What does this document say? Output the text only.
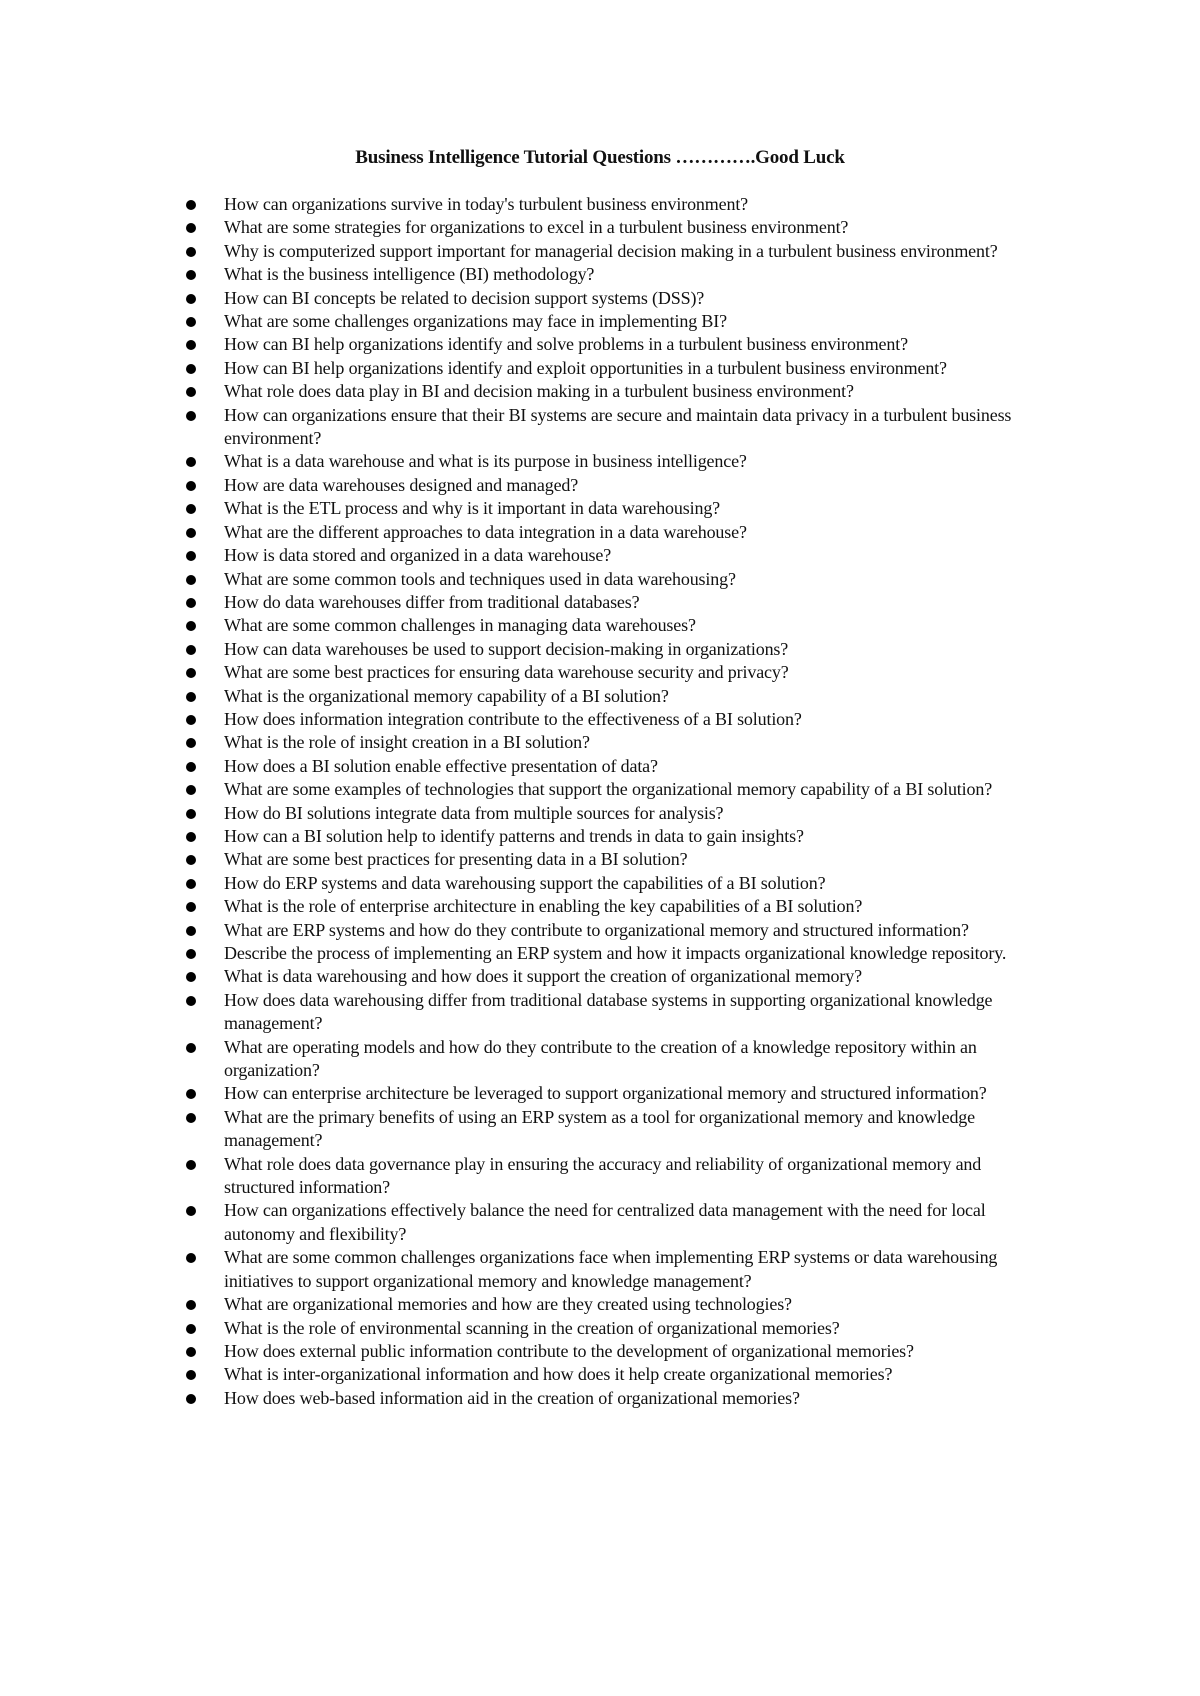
Business Intelligence Tutorial Questions ………….Good Luck
How can organizations survive in today's turbulent business environment?
What are some strategies for organizations to excel in a turbulent business environment?
Why is computerized support important for managerial decision making in a turbulent business environment?
What is the business intelligence (BI) methodology?
How can BI concepts be related to decision support systems (DSS)?
What are some challenges organizations may face in implementing BI?
How can BI help organizations identify and solve problems in a turbulent business environment?
How can BI help organizations identify and exploit opportunities in a turbulent business environment?
What role does data play in BI and decision making in a turbulent business environment?
How can organizations ensure that their BI systems are secure and maintain data privacy in a turbulent business environment?
What is a data warehouse and what is its purpose in business intelligence?
How are data warehouses designed and managed?
What is the ETL process and why is it important in data warehousing?
What are the different approaches to data integration in a data warehouse?
How is data stored and organized in a data warehouse?
What are some common tools and techniques used in data warehousing?
How do data warehouses differ from traditional databases?
What are some common challenges in managing data warehouses?
How can data warehouses be used to support decision-making in organizations?
What are some best practices for ensuring data warehouse security and privacy?
What is the organizational memory capability of a BI solution?
How does information integration contribute to the effectiveness of a BI solution?
What is the role of insight creation in a BI solution?
How does a BI solution enable effective presentation of data?
What are some examples of technologies that support the organizational memory capability of a BI solution?
How do BI solutions integrate data from multiple sources for analysis?
How can a BI solution help to identify patterns and trends in data to gain insights?
What are some best practices for presenting data in a BI solution?
How do ERP systems and data warehousing support the capabilities of a BI solution?
What is the role of enterprise architecture in enabling the key capabilities of a BI solution?
What are ERP systems and how do they contribute to organizational memory and structured information?
Describe the process of implementing an ERP system and how it impacts organizational knowledge repository.
What is data warehousing and how does it support the creation of organizational memory?
How does data warehousing differ from traditional database systems in supporting organizational knowledge management?
What are operating models and how do they contribute to the creation of a knowledge repository within an organization?
How can enterprise architecture be leveraged to support organizational memory and structured information?
What are the primary benefits of using an ERP system as a tool for organizational memory and knowledge management?
What role does data governance play in ensuring the accuracy and reliability of organizational memory and structured information?
How can organizations effectively balance the need for centralized data management with the need for local autonomy and flexibility?
What are some common challenges organizations face when implementing ERP systems or data warehousing initiatives to support organizational memory and knowledge management?
What are organizational memories and how are they created using technologies?
What is the role of environmental scanning in the creation of organizational memories?
How does external public information contribute to the development of organizational memories?
What is inter-organizational information and how does it help create organizational memories?
How does web-based information aid in the creation of organizational memories?
